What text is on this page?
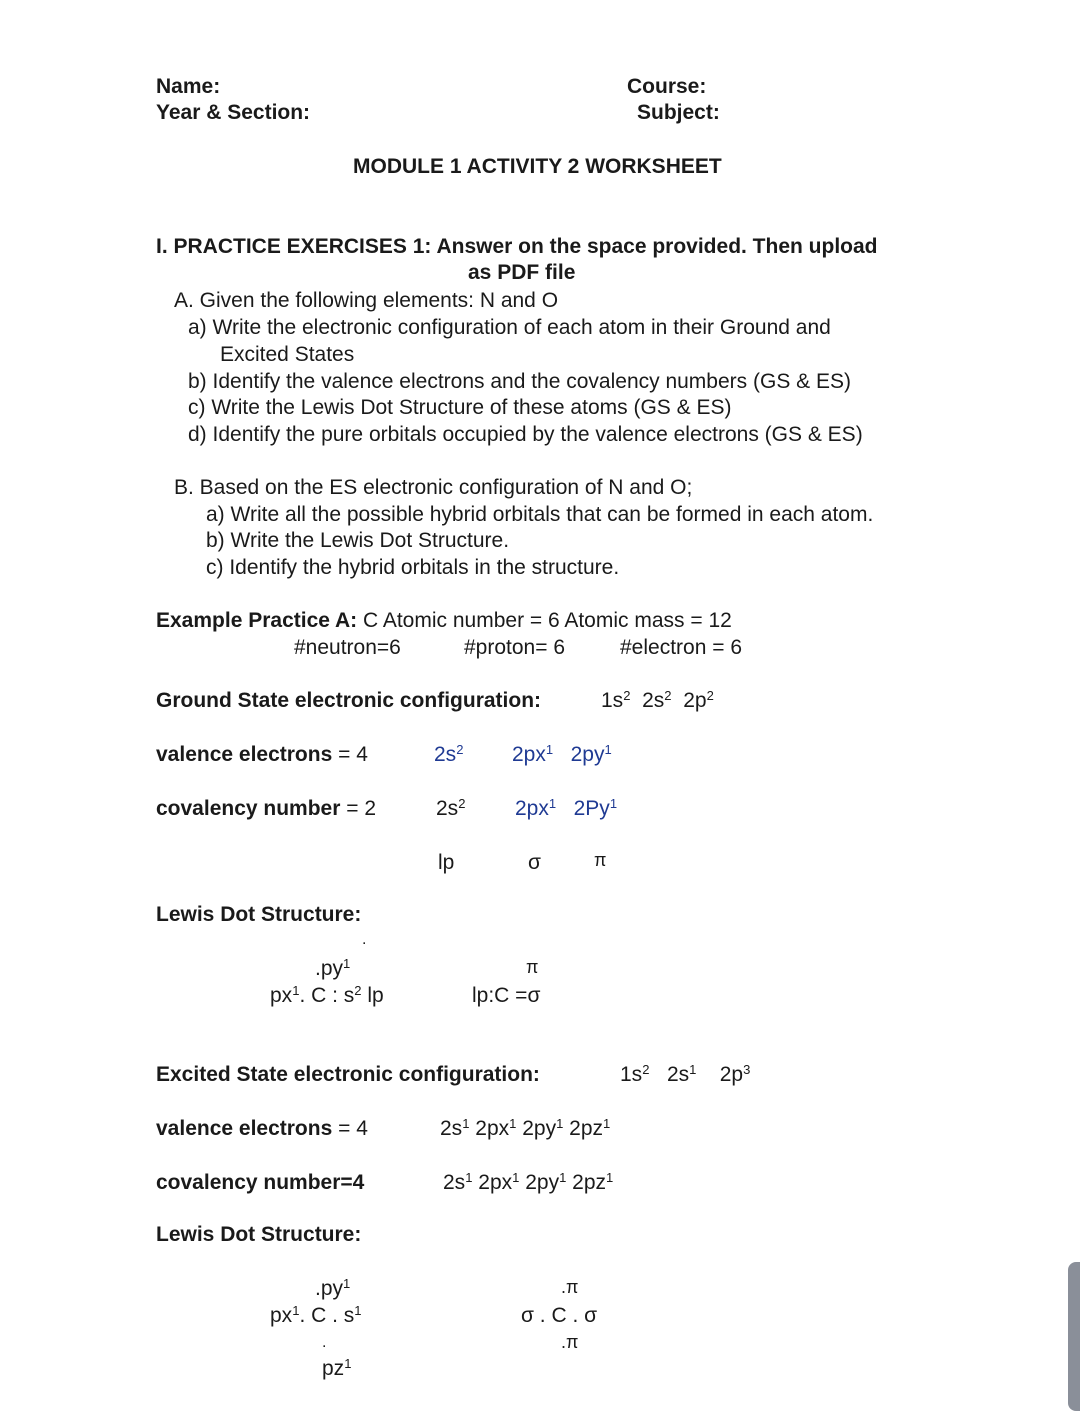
Name:
Year & Section:
Course:
Subject:
MODULE 1 ACTIVITY 2 WORKSHEET
I. PRACTICE EXERCISES 1: Answer on the space provided. Then upload
as PDF file
A. Given the following elements: N and O
a) Write the electronic configuration of each atom in their Ground and
Excited States
b) Identify the valence electrons and the covalency numbers (GS & ES)
c) Write the Lewis Dot Structure of these atoms (GS & ES)
d) Identify the pure orbitals occupied by the valence electrons (GS & ES)
B. Based on the ES electronic configuration of N and O;
a) Write all the possible hybrid orbitals that can be formed in each atom.
b) Write the Lewis Dot Structure.
c) Identify the hybrid orbitals in the structure.
Example Practice A: C Atomic number = 6 Atomic mass = 12
#neutron=6	#proton= 6	#electron = 6
Ground State electronic configuration:	$1s^2$  $2s^2$  $2p^2$
valence electrons = 4	$2s^2$ $2px^1$   $2py^1$
covalency number = 2	$2s^2$ $2px^1$   2Py$^1$
lp	σ	π
Lewis Dot Structure:
.
$.py^1$
$px^1$. C : $s^2$ lp
π
lp:C =σ
Excited State electronic configuration:	$1s^2$   $2s^1$    $2p^3$
valence electrons = 4	$2s^1$ $2px^1$ $2py^1$ $2pz^1$
covalency number=4	$2s^1$ $2px^1$ $2py^1$ $2pz^1$
Lewis Dot Structure:
$.py^1$
$px^1$. C . $s^1$
.
$pz^1$
.π
σ . C . σ
.π
